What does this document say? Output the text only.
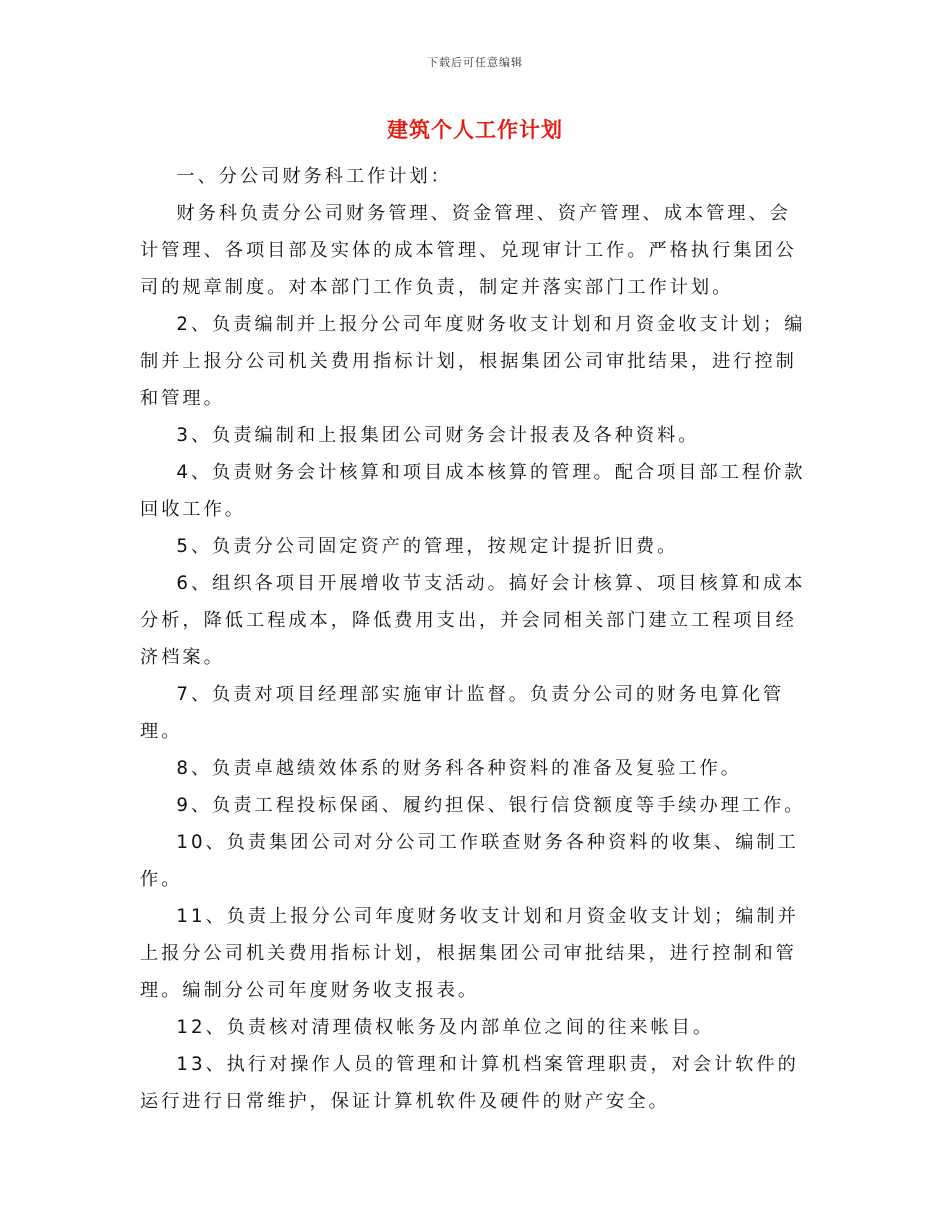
下载后可任意编辑
建筑个人工作计划

一、分公司财务科工作计划：

财务科负责分公司财务管理、资金管理、资产管理、成本管理、会计管理、各项目部及实体的成本管理、兑现审计工作。严格执行集团公司的规章制度。对本部门工作负责，制定并落实部门工作计划。

2、负责编制并上报分公司年度财务收支计划和月资金收支计划；编制并上报分公司机关费用指标计划，根据集团公司审批结果，进行控制和管理。

3、负责编制和上报集团公司财务会计报表及各种资料。

4、负责财务会计核算和项目成本核算的管理。配合项目部工程价款回收工作。

5、负责分公司固定资产的管理，按规定计提折旧费。

6、组织各项目开展增收节支活动。搞好会计核算、项目核算和成本分析，降低工程成本，降低费用支出，并会同相关部门建立工程项目经济档案。

7、负责对项目经理部实施审计监督。负责分公司的财务电算化管理。

8、负责卓越绩效体系的财务科各种资料的准备及复验工作。

9、负责工程投标保函、履约担保、银行信贷额度等手续办理工作。

10、负责集团公司对分公司工作联查财务各种资料的收集、编制工作。

11、负责上报分公司年度财务收支计划和月资金收支计划；编制并上报分公司机关费用指标计划，根据集团公司审批结果，进行控制和管理。编制分公司年度财务收支报表。

12、负责核对清理债权帐务及内部单位之间的往来帐目。

13、执行对操作人员的管理和计算机档案管理职责，对会计软件的运行进行日常维护，保证计算机软件及硬件的财产安全。
